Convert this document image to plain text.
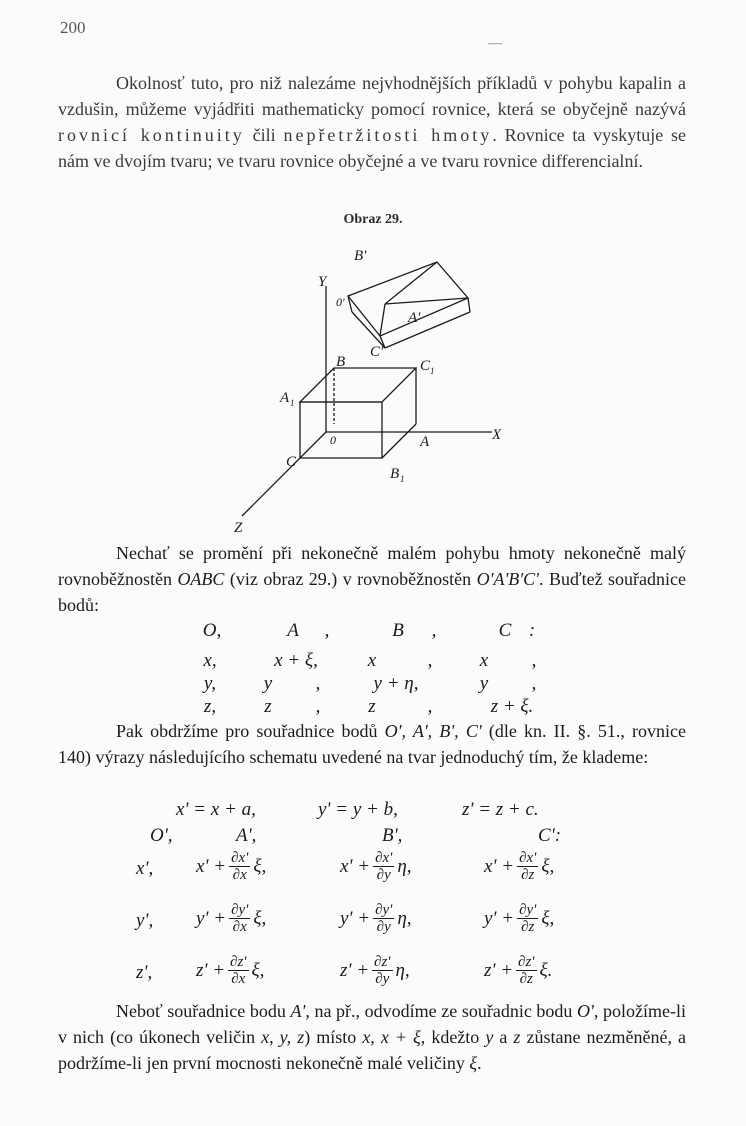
200
—

Okolnosť tuto, pro niž nalezáme nejvhodnějších příkladů v pohybu kapalin a vzdušin, můžeme vyjádřiti mathematicky pomocí rovnice, která se obyčejně nazývá rovnicí kontinuity čili nepřetržitosti hmoty. Rovnice ta vyskytuje se nám ve dvojím tvaru; ve tvaru rovnice obyčejné a ve tvaru rovnice differencialní.

Obraz 29.
Y
X
Z
0	A
B
C
A 1
B 1
C 1
0'
A'
B'
C'

Nechať se promění při nekonečně malém pohybu hmoty nekonečně malý rovnoběžnostěn OABC (viz obraz 29.) v rovnoběžnostěn O'A'B'C'. Buďtež souřadnice bodů:

O,	A	,	B	,	C :
x,	x + ξ,	x	,	x	,
y,	y	,	y + η,	y	,
z,	z	,	z	,	z + ξ.

Pak obdržíme pro souřadnice bodů O', A', B', C' (dle kn. II. §. 51., rovnice 140) výrazy následujícího schematu uvedené na tvar jednoduchý tím, že klademe:

x' = x + a,	y' = y + b,	z' = z + c.
O',	A',	B',	C':
x', $x' + \frac{\partial x'}{\partial x} \xi$,	$x' + \frac{\partial x'}{\partial y} \eta$,	$x' + \frac{\partial x'}{\partial z} \xi$,
y', $y' + \frac{\partial y'}{\partial x} \xi$,	$y' + \frac{\partial y'}{\partial y} \eta$,	$y' + \frac{\partial y'}{\partial z} \xi$,
z', $z' + \frac{\partial z'}{\partial x} \xi$,	$z' + \frac{\partial z'}{\partial y} \eta$,	$z' + \frac{\partial z'}{\partial z} \xi$.

Neboť souřadnice bodu A', na př., odvodíme ze souřadnic bodu O', položíme-li v nich (co úkonech veličin x, y, z) místo x, x + ξ, kdežto y a z zůstane nezměněné, a podržíme-li jen první mocnosti nekonečně malé veličiny ξ.
